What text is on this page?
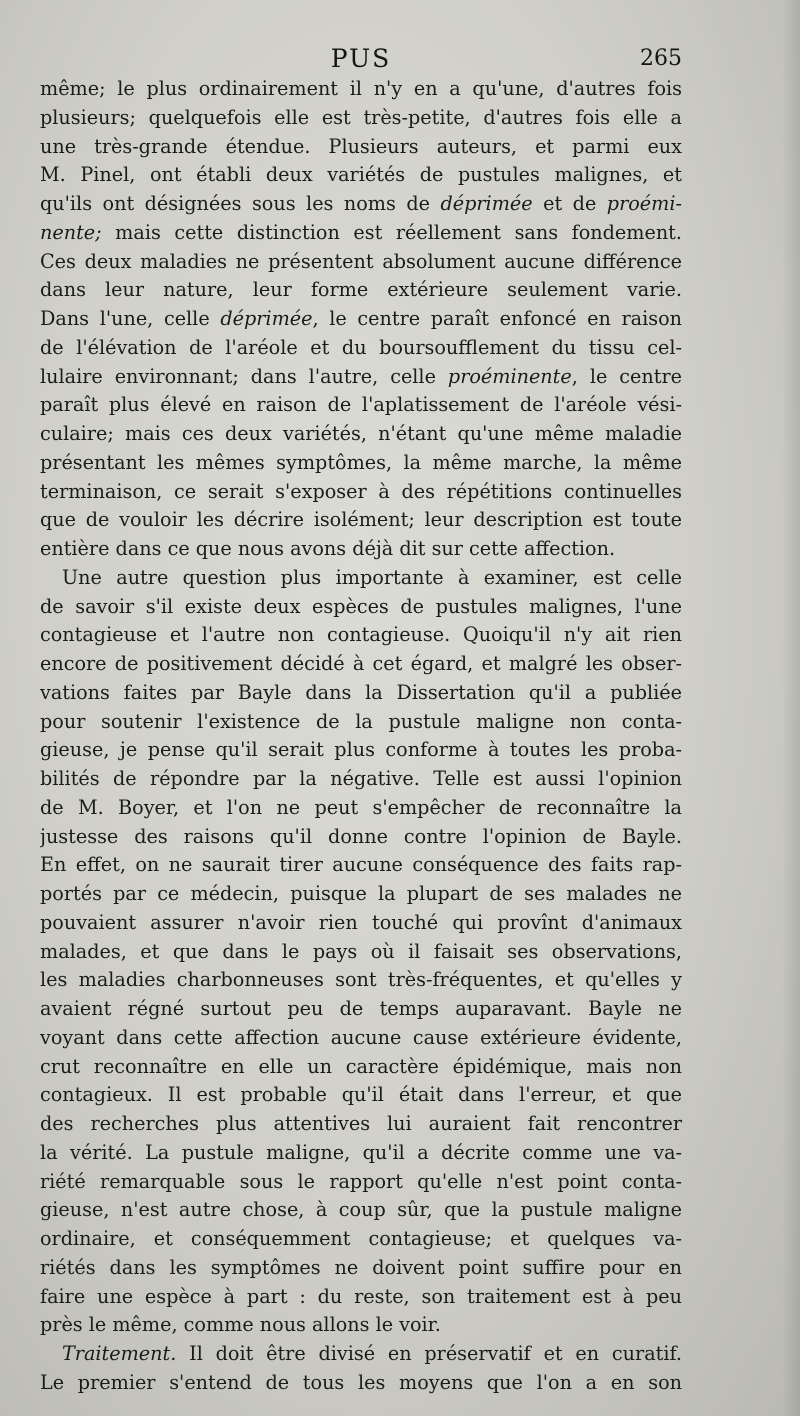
PUS	265
même; le plus ordinairement il n'y en a qu'une, d'autres fois
plusieurs; quelquefois elle est très-petite, d'autres fois elle a
une très-grande étendue. Plusieurs auteurs, et parmi eux
M. Pinel, ont établi deux variétés de pustules malignes, et
qu'ils ont désignées sous les noms de déprimée et de proémi-
nente; mais cette distinction est réellement sans fondement.
Ces deux maladies ne présentent absolument aucune différence
dans leur nature, leur forme extérieure seulement varie.
Dans l'une, celle déprimée, le centre paraît enfoncé en raison
de l'élévation de l'aréole et du boursoufflement du tissu cel-
lulaire environnant; dans l'autre, celle proéminente, le centre
paraît plus élevé en raison de l'aplatissement de l'aréole vési-
culaire; mais ces deux variétés, n'étant qu'une même maladie
présentant les mêmes symptômes, la même marche, la même
terminaison, ce serait s'exposer à des répétitions continuelles
que de vouloir les décrire isolément; leur description est toute
entière dans ce que nous avons déjà dit sur cette affection.
Une autre question plus importante à examiner, est celle
de savoir s'il existe deux espèces de pustules malignes, l'une
contagieuse et l'autre non contagieuse. Quoiqu'il n'y ait rien
encore de positivement décidé à cet égard, et malgré les obser-
vations faites par Bayle dans la Dissertation qu'il a publiée
pour soutenir l'existence de la pustule maligne non conta-
gieuse, je pense qu'il serait plus conforme à toutes les proba-
bilités de répondre par la négative. Telle est aussi l'opinion
de M. Boyer, et l'on ne peut s'empêcher de reconnaître la
justesse des raisons qu'il donne contre l'opinion de Bayle.
En effet, on ne saurait tirer aucune conséquence des faits rap-
portés par ce médecin, puisque la plupart de ses malades ne
pouvaient assurer n'avoir rien touché qui provînt d'animaux
malades, et que dans le pays où il faisait ses observations,
les maladies charbonneuses sont très-fréquentes, et qu'elles y
avaient régné surtout peu de temps auparavant. Bayle ne
voyant dans cette affection aucune cause extérieure évidente,
crut reconnaître en elle un caractère épidémique, mais non
contagieux. Il est probable qu'il était dans l'erreur, et que
des recherches plus attentives lui auraient fait rencontrer
la vérité. La pustule maligne, qu'il a décrite comme une va-
riété remarquable sous le rapport qu'elle n'est point conta-
gieuse, n'est autre chose, à coup sûr, que la pustule maligne
ordinaire, et conséquemment contagieuse; et quelques va-
riétés dans les symptômes ne doivent point suffire pour en
faire une espèce à part : du reste, son traitement est à peu
près le même, comme nous allons le voir.
Traitement. Il doit être divisé en préservatif et en curatif.
Le premier s'entend de tous les moyens que l'on a en son
